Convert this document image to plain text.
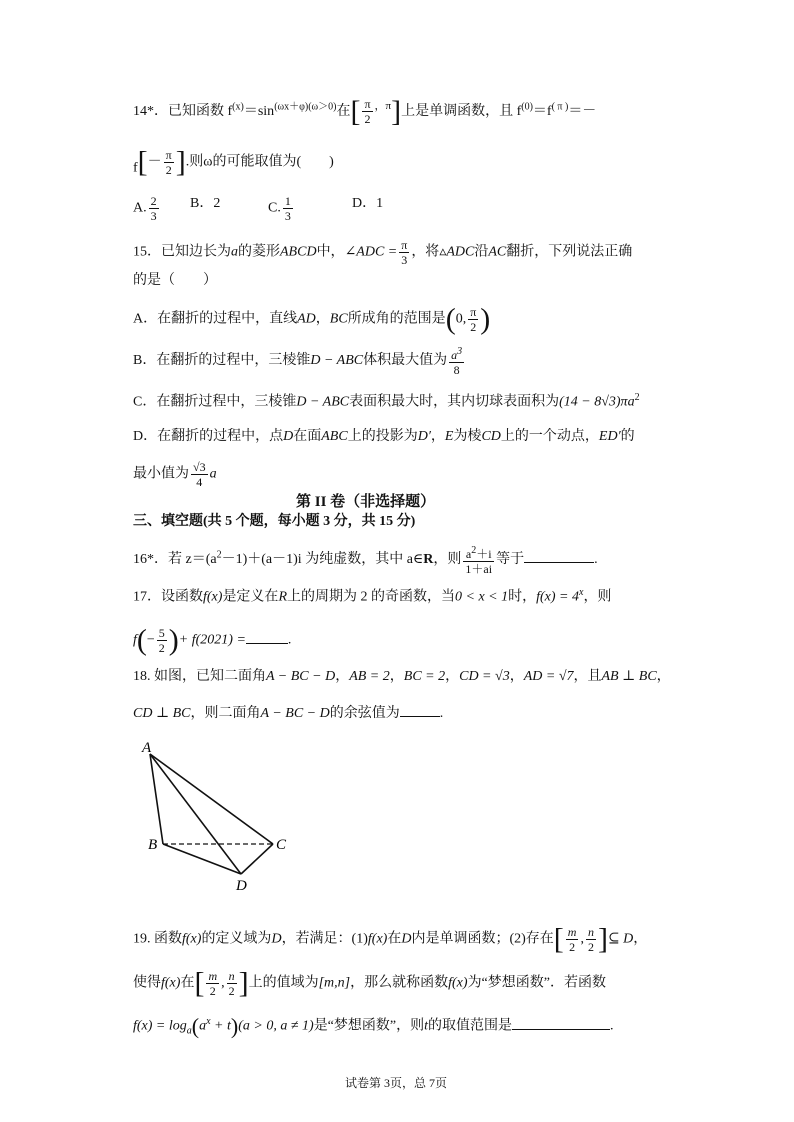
14*．已知函数 $f^{(x)}=\sin^{(\omega x+\varphi)(\omega>0)}$在[ $\frac{\pi}{2} ^{,\pi}$]上是单调函数，且 $f^{(0)}=f^{( \pi )}=-$
$f[- \frac{\pi}{2}$ ].则ω的可能取值为(　　)
A. $\frac{2}{3}$ B．2	C. $\frac{1}{3}$	D．1
15．已知边长为a的菱形ABCD中，∠ADC = $\frac{\pi}{3}$ ，将▵ADC沿AC翻折，下列说法正确
的是（　　）
A．在翻折的过程中，直线AD，BC所成角的范围是(0, $\frac{\pi}{2}$ )
B．在翻折的过程中，三棱锥D − ABC体积最大值为 $\frac{a^3}{8}$
C．在翻折过程中，三棱锥D − ABC表面积最大时，其内切球表面积为$(14 - 8√3)\pi a^2$
D．在翻折的过程中，点D在面ABC上的投影为D′，E为棱CD上的一个动点，ED′的
最小值为 $\frac{√3}{4}$ a
第 II 卷（非选择题）
三、填空题(共 5 个题，每小题 3 分，共 15 分)
16*．若 $z=(a^2-1)+(a-1)i$ 为纯虚数，其中 a∈R，则 $\frac{a^2+i}{1+ai}$ 等于	.
17．设函数f(x)是定义在R上的周期为 2 的奇函数，当0 < x < 1时，$f(x) = 4^x$，则
$f(- \frac{5}{2}$ )+ f(2021) =	.
18. 如图，已知二面角A − BC − D，AB = 2，BC = 2，CD = √3，AD = √7，且AB ⊥ BC，
CD ⊥ BC，则二面角A − BC − D的余弦值为	.
A
B	C
D
19. 函数f(x)的定义域为D，若满足：(1)f(x)在D内是单调函数；(2)存在[ $\frac{m}{2}$ , $\frac{n}{2}$ ]⊆ D，
使得f(x)在[ $\frac{m}{2}$ , $\frac{n}{2}$ ]上的值域为[m,n]，那么就称函数f(x)为“梦想函数”．若函数
$f(x) = \log_a(a^x + t)(a > 0$, a ≠ 1)是“梦想函数”，则t的取值范围是	.
试卷第 3页，总 7页
